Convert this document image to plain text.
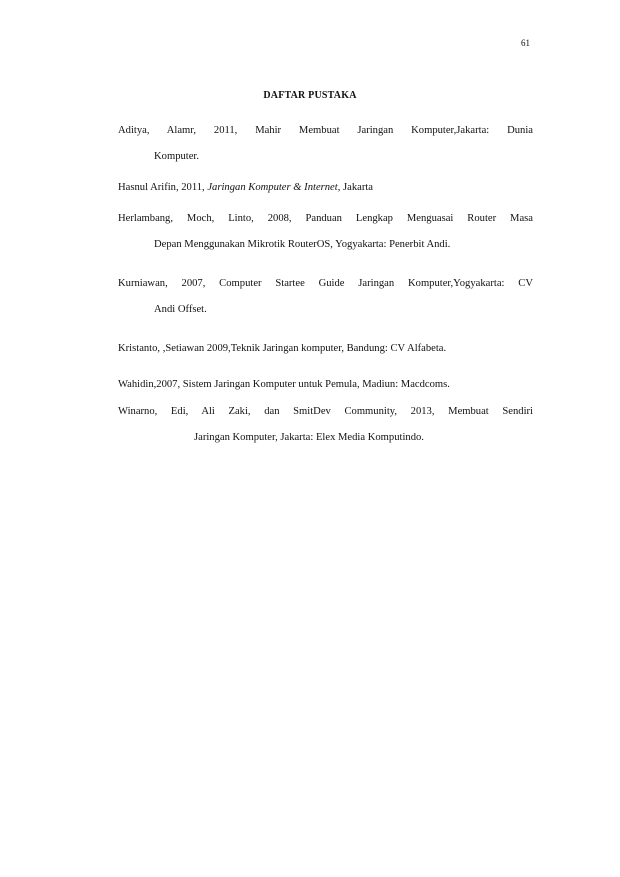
61
DAFTAR PUSTAKA
Aditya, Alamr, 2011, Mahir Membuat Jaringan Komputer,Jakarta: Dunia
Komputer.
Hasnul Arifin, 2011, Jaringan Komputer & Internet, Jakarta
Herlambang, Moch, Linto, 2008, Panduan Lengkap Menguasai Router Masa
Depan Menggunakan Mikrotik RouterOS, Yogyakarta: Penerbit Andi.
Kurniawan, 2007, Computer Startee Guide Jaringan Komputer,Yogyakarta: CV
Andi Offset.
Kristanto, ,Setiawan 2009,Teknik Jaringan komputer, Bandung: CV Alfabeta.
Wahidin,2007, Sistem Jaringan Komputer untuk Pemula, Madiun: Macdcoms.
Winarno, Edi, Ali Zaki, dan SmitDev Community, 2013, Membuat Sendiri
Jaringan Komputer, Jakarta: Elex Media Komputindo.
